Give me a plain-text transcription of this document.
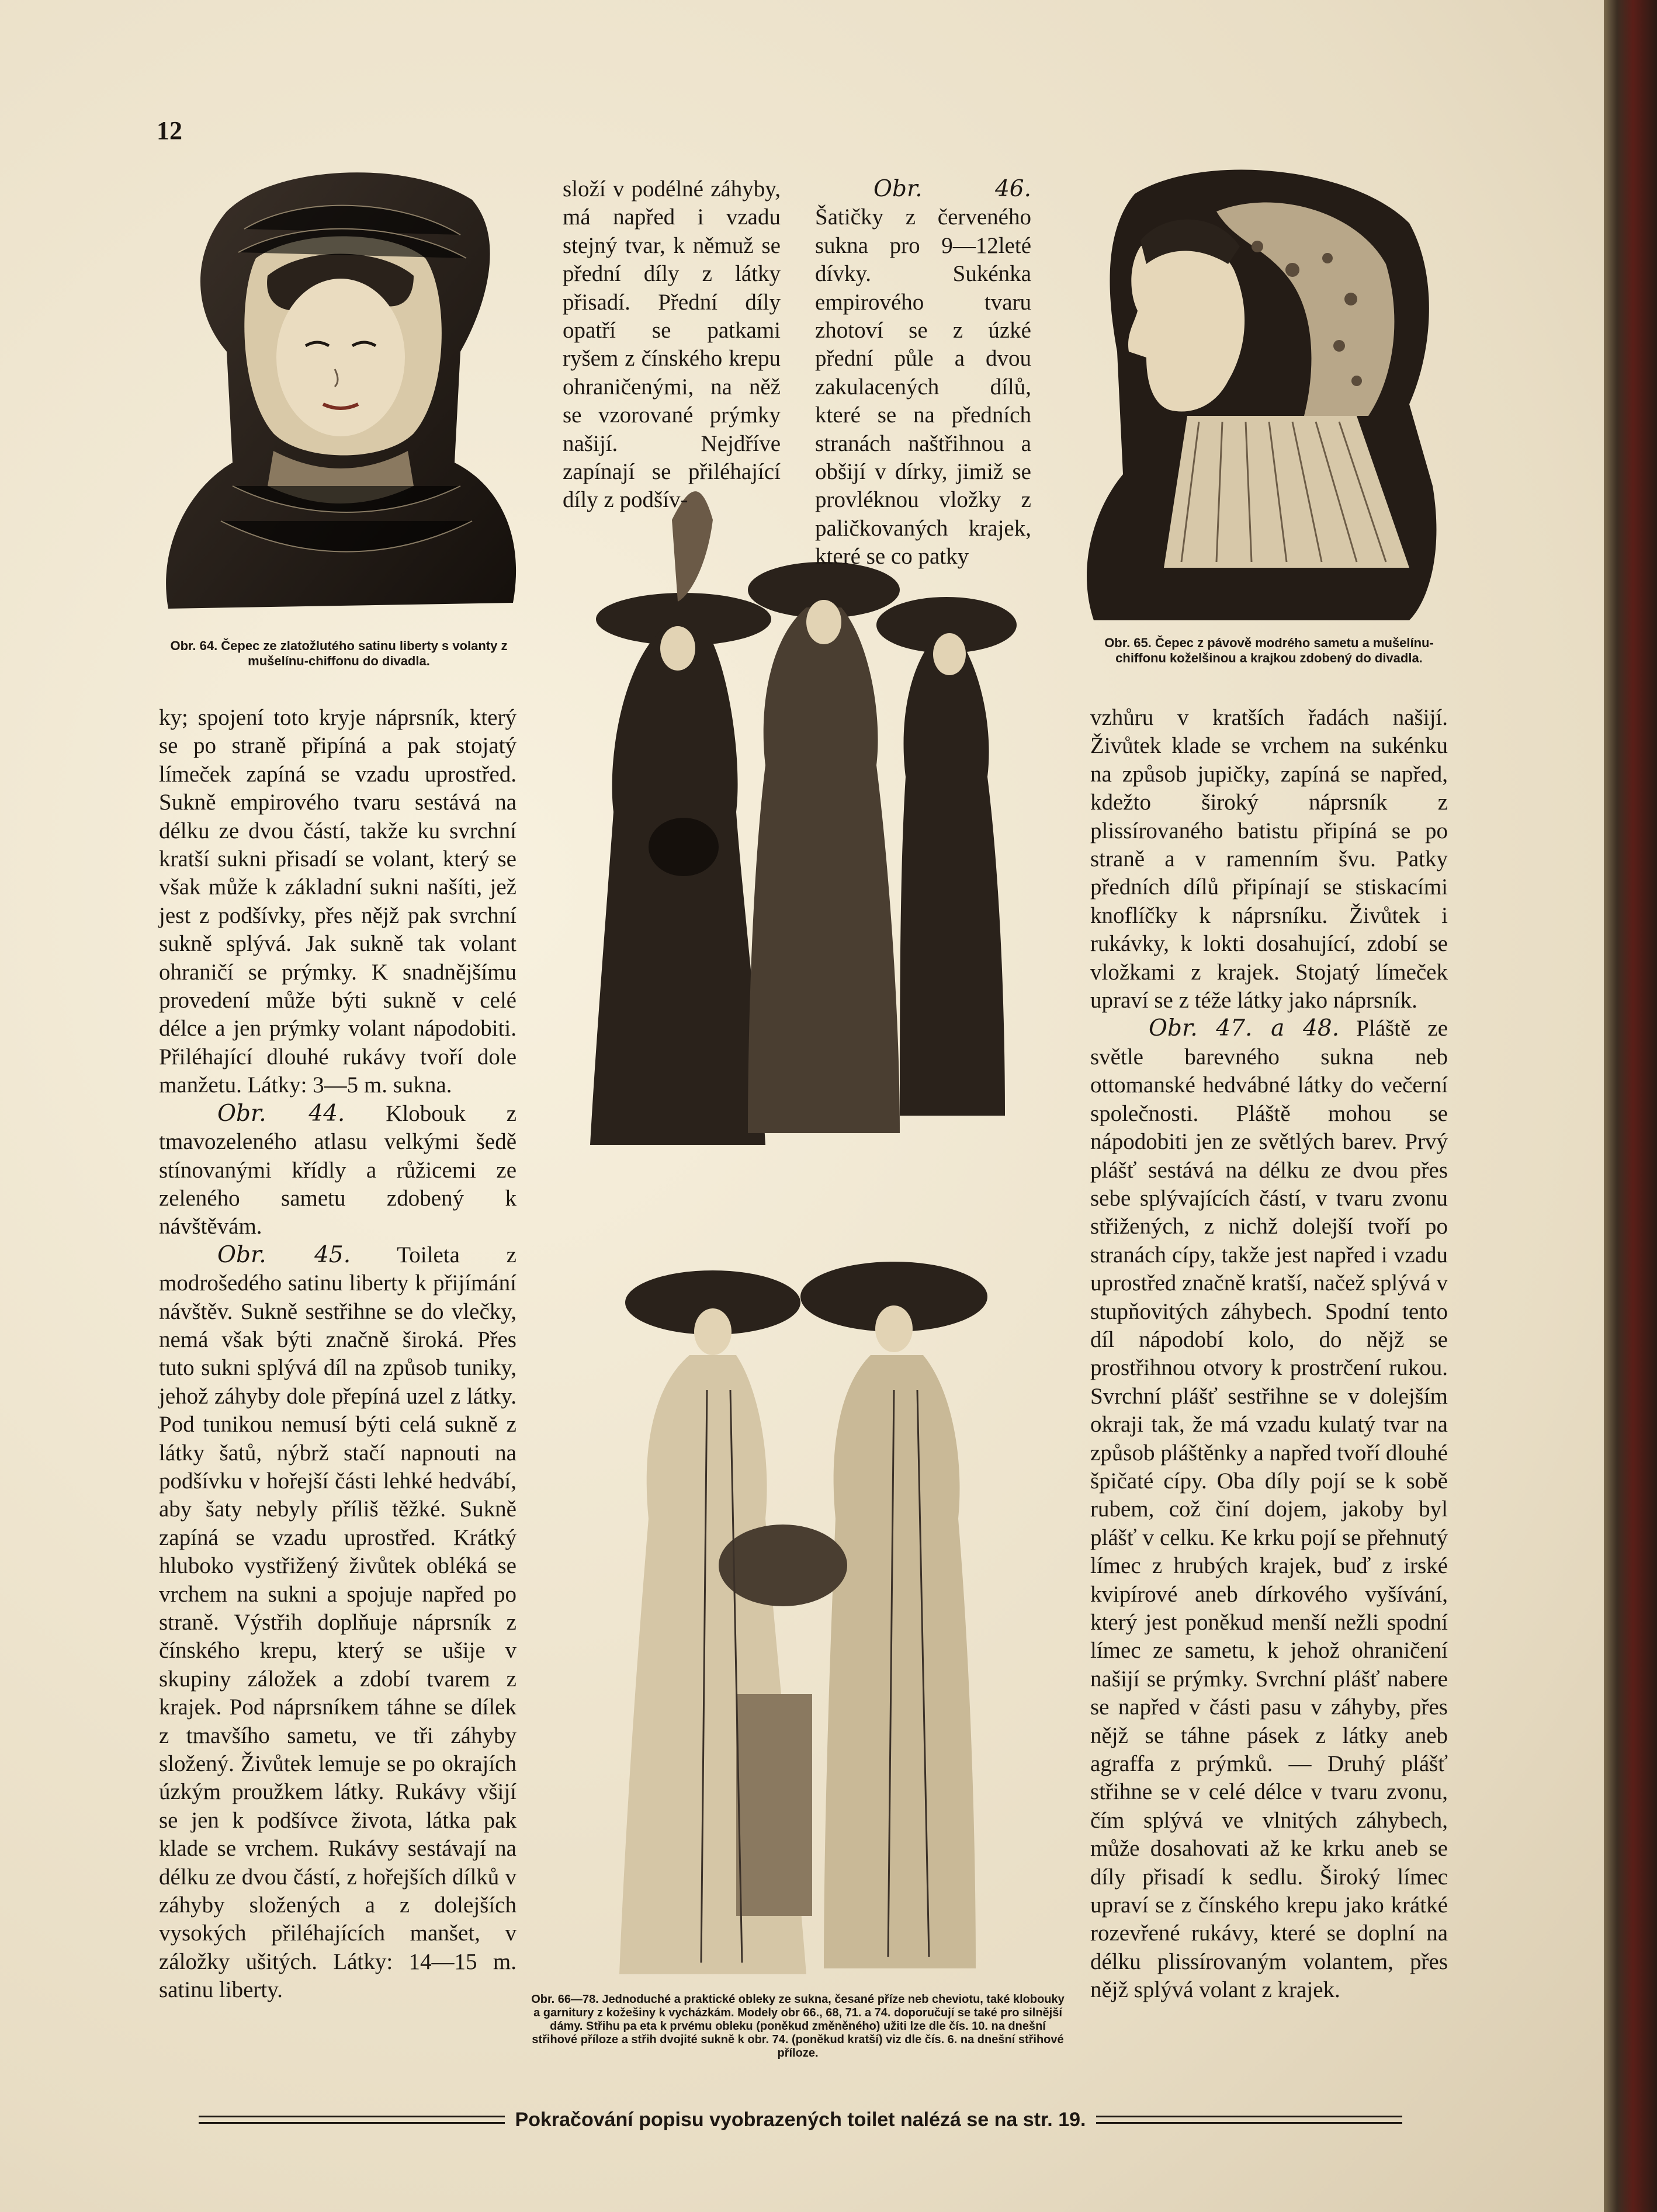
12

složí v podélné záhyby, má napřed i vzadu stejný tvar, k němuž se přední díly z látky přisadí. Přední díly opatří se patkami ryšem z čínského krepu ohraničenými, na něž se vzorované prýmky našijí. Nejdříve zapínají se přiléhající díly z podšív-

Obr. 46. Šatičky z červeného sukna pro 9—12leté dívky. Sukénka empirového tvaru zhotoví se z úzké přední půle a dvou zakulacených dílů, které se na předních stranách naštřihnou a obšijí v dírky, jimiž se provléknou vložky z paličkovaných krajek, které se co patky

Obr. 64. Čepec ze zlatožlutého satinu liberty s volanty z mušelínu-chiffonu do divadla.
Obr. 65. Čepec z pávově modrého sametu a mušelínu-chiffonu koželšinou a krajkou zdobený do divadla.
Obr. 66—78. Jednoduché a praktické obleky ze sukna, česané příze neb cheviotu, také klobouky a garnitury z kožešiny k vycházkám. Modely obr 66., 68, 71. a 74. doporučují se také pro silnější dámy. Střihu pa eta k prvému obleku (poněkud změněného) užiti lze dle čís. 10. na dnešní střihové příloze a střih dvojité sukně k obr. 74. (poněkud kratší) viz dle čís. 6. na dnešní střihové příloze.

ky; spojení toto kryje náprsník, který se po straně připíná a pak stojatý límeček zapíná se vzadu uprostřed. Sukně empirového tvaru sestává na délku ze dvou částí, takže ku svrchní kratší sukni přisadí se volant, který se však může k základní sukni našíti, jež jest z podšívky, přes nějž pak svrchní sukně splývá. Jak sukně tak volant ohraničí se prýmky. K snadnějšímu provedení může býti sukně v celé délce a jen prýmky volant nápodobiti. Přiléhající dlouhé rukávy tvoří dole manžetu. Látky: 3—5 m. sukna.

Obr. 44. Klobouk z tmavozeleného atlasu velkými šedě stínovanými křídly a růžicemi ze zeleného sametu zdobený k návštěvám.

Obr. 45. Toileta z modrošedého satinu liberty k přijímání návštěv. Sukně sestřihne se do vlečky, nemá však býti značně široká. Přes tuto sukni splývá díl na způsob tuniky, jehož záhyby dole přepíná uzel z látky. Pod tunikou nemusí býti celá sukně z látky šatů, nýbrž stačí napnouti na podšívku v hořejší části lehké hedvábí, aby šaty nebyly příliš těžké. Sukně zapíná se vzadu uprostřed. Krátký hluboko vystřižený živůtek obléká se vrchem na sukni a spojuje napřed po straně. Výstřih doplňuje náprsník z čínského krepu, který se ušije v skupiny záložek a zdobí tvarem z krajek. Pod náprsníkem táhne se dílek z tmavšího sametu, ve tři záhyby složený. Živůtek lemuje se po okrajích úzkým proužkem látky. Rukávy všijí se jen k podšívce života, látka pak klade se vrchem. Rukávy sestávají na délku ze dvou částí, z hořejších dílků v záhyby složených a z dolejších vysokých přiléhajících manšet, v záložky ušitých. Látky: 14—15 m. satinu liberty.

vzhůru v kratších řadách našijí. Živůtek klade se vrchem na sukénku na způsob jupičky, zapíná se napřed, kdežto široký náprsník z plissírovaného batistu připíná se po straně a v ramenním švu. Patky předních dílů připínají se stiskacími knoflíčky k náprsníku. Živůtek i rukávky, k lokti dosahující, zdobí se vložkami z krajek. Stojatý límeček upraví se z téže látky jako náprsník.

Obr. 47. a 48. Pláště ze světle barevného sukna neb ottomanské hedvábné látky do večerní společnosti. Pláště mohou se nápodobiti jen ze světlých barev. Prvý plášť sestává na délku ze dvou přes sebe splývajících částí, v tvaru zvonu střižených, z nichž dolejší tvoří po stranách cípy, takže jest napřed i vzadu uprostřed značně kratší, načež splývá v stupňovitých záhybech. Spodní tento díl nápodobí kolo, do nějž se prostřihnou otvory k prostrčení rukou. Svrchní plášť sestřihne se v dolejším okraji tak, že má vzadu kulatý tvar na způsob pláštěnky a napřed tvoří dlouhé špičaté cípy. Oba díly pojí se k sobě rubem, což činí dojem, jakoby byl plášť v celku. Ke krku pojí se přehnutý límec z hrubých krajek, buď z irské kvipírové aneb dírkového vyšívání, který jest poněkud menší nežli spodní límec ze sametu, k jehož ohraničení našijí se prýmky. Svrchní plášť nabere se napřed v části pasu v záhyby, přes nějž se táhne pásek z látky aneb agraffa z prýmků. — Druhý plášť střihne se v celé délce v tvaru zvonu, čím splývá ve vlnitých záhybech, může dosahovati až ke krku aneb se díly přisadí k sedlu. Široký límec upraví se z čínského krepu jako krátké rozevřené rukávy, které se doplní na délku plissírovaným volantem, přes nějž splývá volant z krajek.

Pokračování popisu vyobrazených toilet nalézá se na str. 19.
